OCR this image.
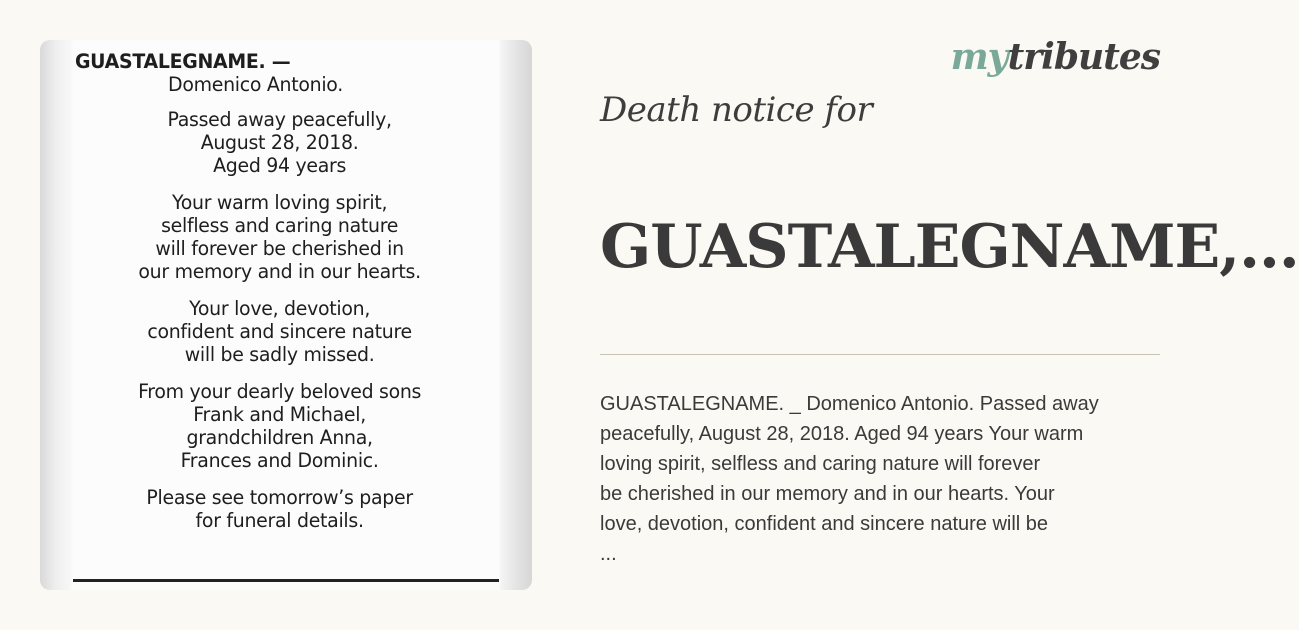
GUASTALEGNAME. —
Domenico Antonio.

Passed away peacefully,
August 28, 2018.
Aged 94 years

Your warm loving spirit,
selfless and caring nature
will forever be cherished in
our memory and in our hearts.

Your love, devotion,
confident and sincere nature
will be sadly missed.

From your dearly beloved sons
Frank and Michael,
grandchildren Anna,
Frances and Dominic.

Please see tomorrow’s paper
for funeral details.

mytributes
Death notice for
GUASTALEGNAME,...
GUASTALEGNAME. _ Domenico Antonio. Passed away
peacefully, August 28, 2018. Aged 94 years Your warm
loving spirit, selfless and caring nature will forever
be cherished in our memory and in our hearts. Your
love, devotion, confident and sincere nature will be
...
